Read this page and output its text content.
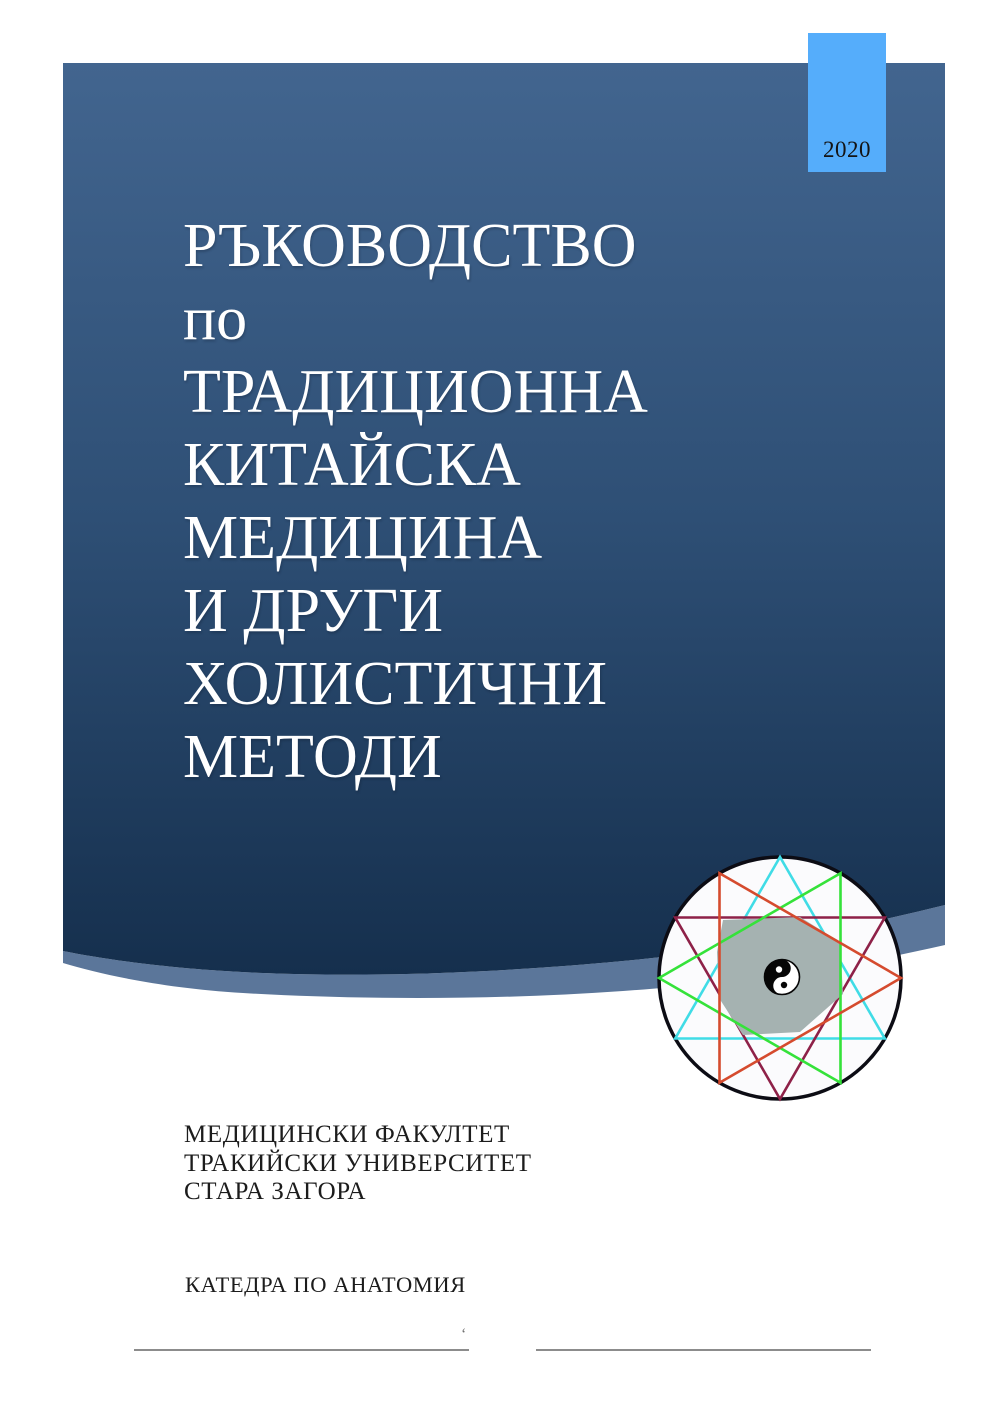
2020
РЪКОВОДСТВО
по
ТРАДИЦИОННА
КИТАЙСКА
МЕДИЦИНА
И ДРУГИ
ХОЛИСТИЧНИ
МЕТОДИ
МЕДИЦИНСКИ ФАКУЛТЕТ
ТРАКИЙСКИ УНИВЕРСИТЕТ
СТАРА ЗАГОРА
КАТЕДРА ПО АНАТОМИЯ
‘
